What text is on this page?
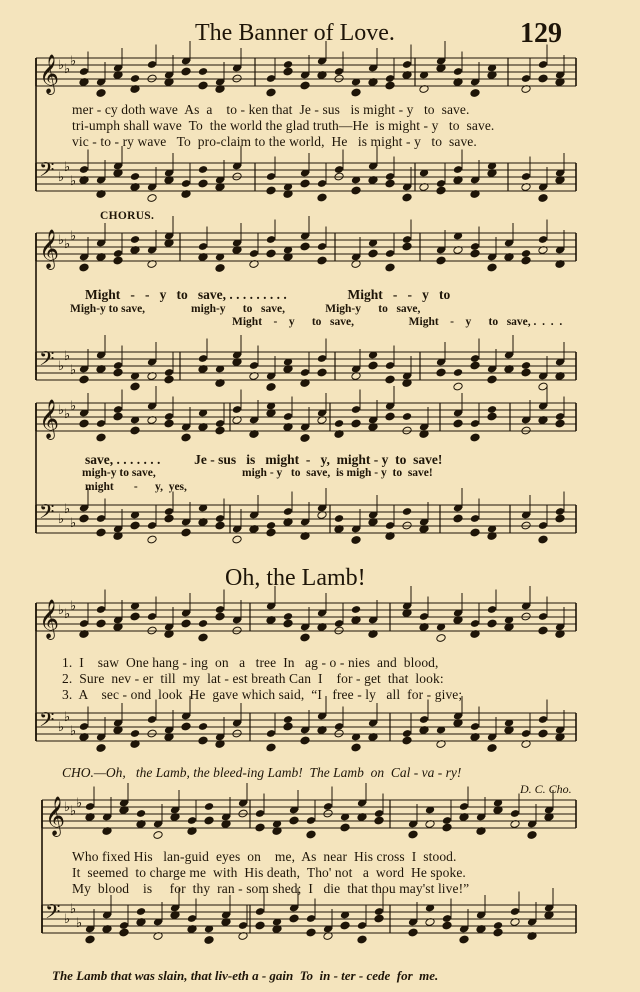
The Banner of Love.	129
𝄞
♭ ♭
♭
𝄢 ♭
♭
♭
𝄞
♭ ♭
♭
𝄢 ♭
♭
♭
𝄞
♭ ♭
♭
𝄢 ♭
♭
♭
𝄞
♭ ♭
♭
𝄢 ♭
♭
♭
𝄞
♭ ♭
♭
𝄢 ♭
♭
♭
mer - cy doth wave  As  a    to - ken that  Je - sus   is might - y   to  save.
tri-umph shall wave  To  the world the glad truth—He  is might - y   to  save.
vic - to - ry wave   To  pro-claim to the world,  He   is might - y   to  save.
CHORUS.
Might   -   -   y   to   save, . . . . . . . . .                  Might   -   -   y   to
Migh-y to save,                migh-y      to   save,              Migh-y      to   save,
Might    -    y      to   save,                   Might    -    y      to   save, .  .  .  .
save, . . . . . . .          Je - sus   is   might  -   y,  might - y  to  save!
migh-y to save,                              migh - y   to  save,  is migh - y  to  save!
might       -      y,  yes,
Oh, the Lamb!
1.  I    saw  One hang - ing  on   a   tree  In   ag - o - nies  and  blood,
2.  Sure  nev - er  till  my  lat - est breath Can  I    for - get  that  look:
3.  A    sec - ond  look  He  gave which said,  “I   free - ly   all  for - give;
CHO.—Oh,   the Lamb, the bleed-ing Lamb!  The Lamb  on  Cal - va - ry!
D. C. Cho.
Who fixed His   lan-guid  eyes  on    me,  As  near  His cross  I  stood.
It  seemed  to charge me  with  His death,  Tho' not   a  word  He spoke.
My  blood    is     for  thy  ran - som shed;  I   die  that thou may'st live!”
The Lamb that was slain, that liv-eth a - gain  To  in - ter - cede  for  me.
